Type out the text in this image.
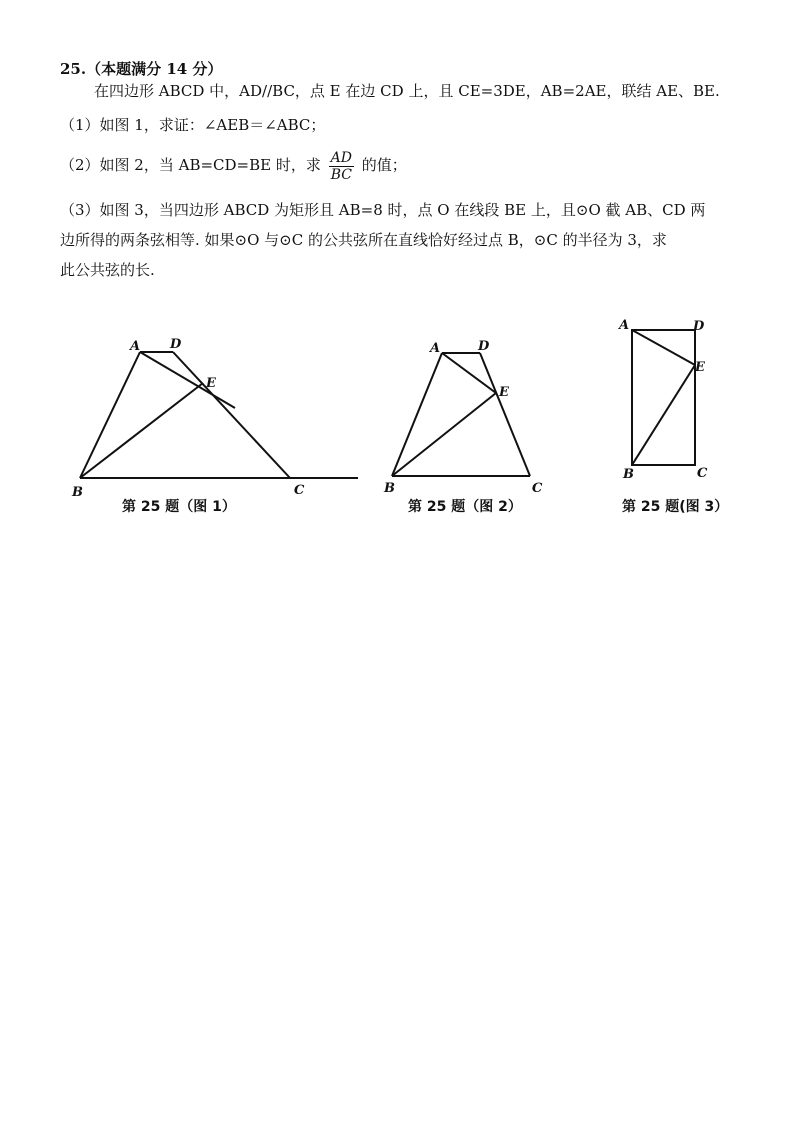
25.（本题满分 14 分）
在四边形 ABCD 中，AD//BC，点 E 在边 CD 上，且 CE=3DE，AB=2AE，联结 AE、BE.
（1）如图 1，求证：∠AEB＝∠ABC；
（2）如图 2，当 AB=CD=BE 时，求 $\frac{AD}{BC}$ 的值；
（3）如图 3，当四边形 ABCD 为矩形且 AB=8 时，点 O 在线段 BE 上，且⊙O 截 AB、CD 两
边所得的两条弦相等. 如果⊙O 与⊙C 的公共弦所在直线恰好经过点 B，⊙C 的半径为 3，求
此公共弦的长.
A D
E
B	C
第 25 题（图 1）
A	D
E
B	C
第 25 题（图 2）
A	D
E
B	C
第 25 题(图 3）
